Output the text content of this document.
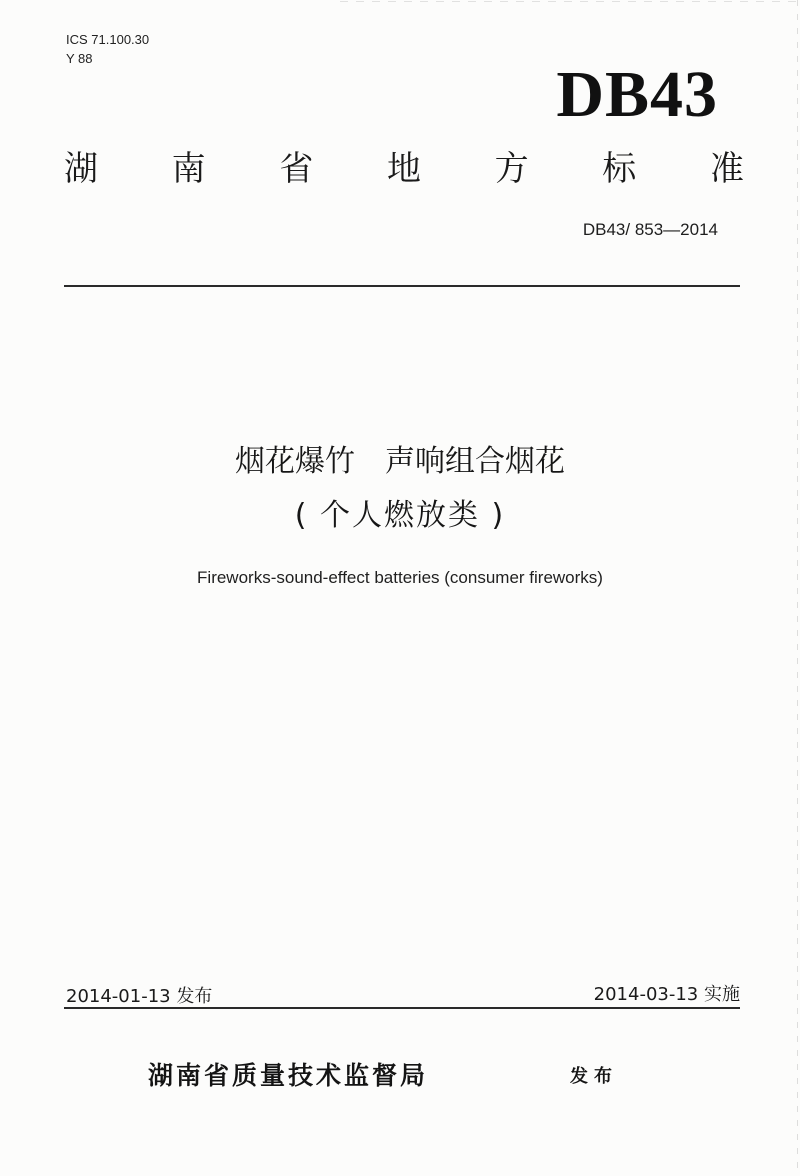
ICS 71.100.30
Y 88	DB43
湖 南 省 地 方 标 准
DB43/ 853—2014
烟花爆竹　声响组合烟花
( 个人燃放类 )
Fireworks-sound-effect batteries (consumer fireworks)
2014-01-13 发布	2014-03-13 实施
湖南省质量技术监督局	发布
